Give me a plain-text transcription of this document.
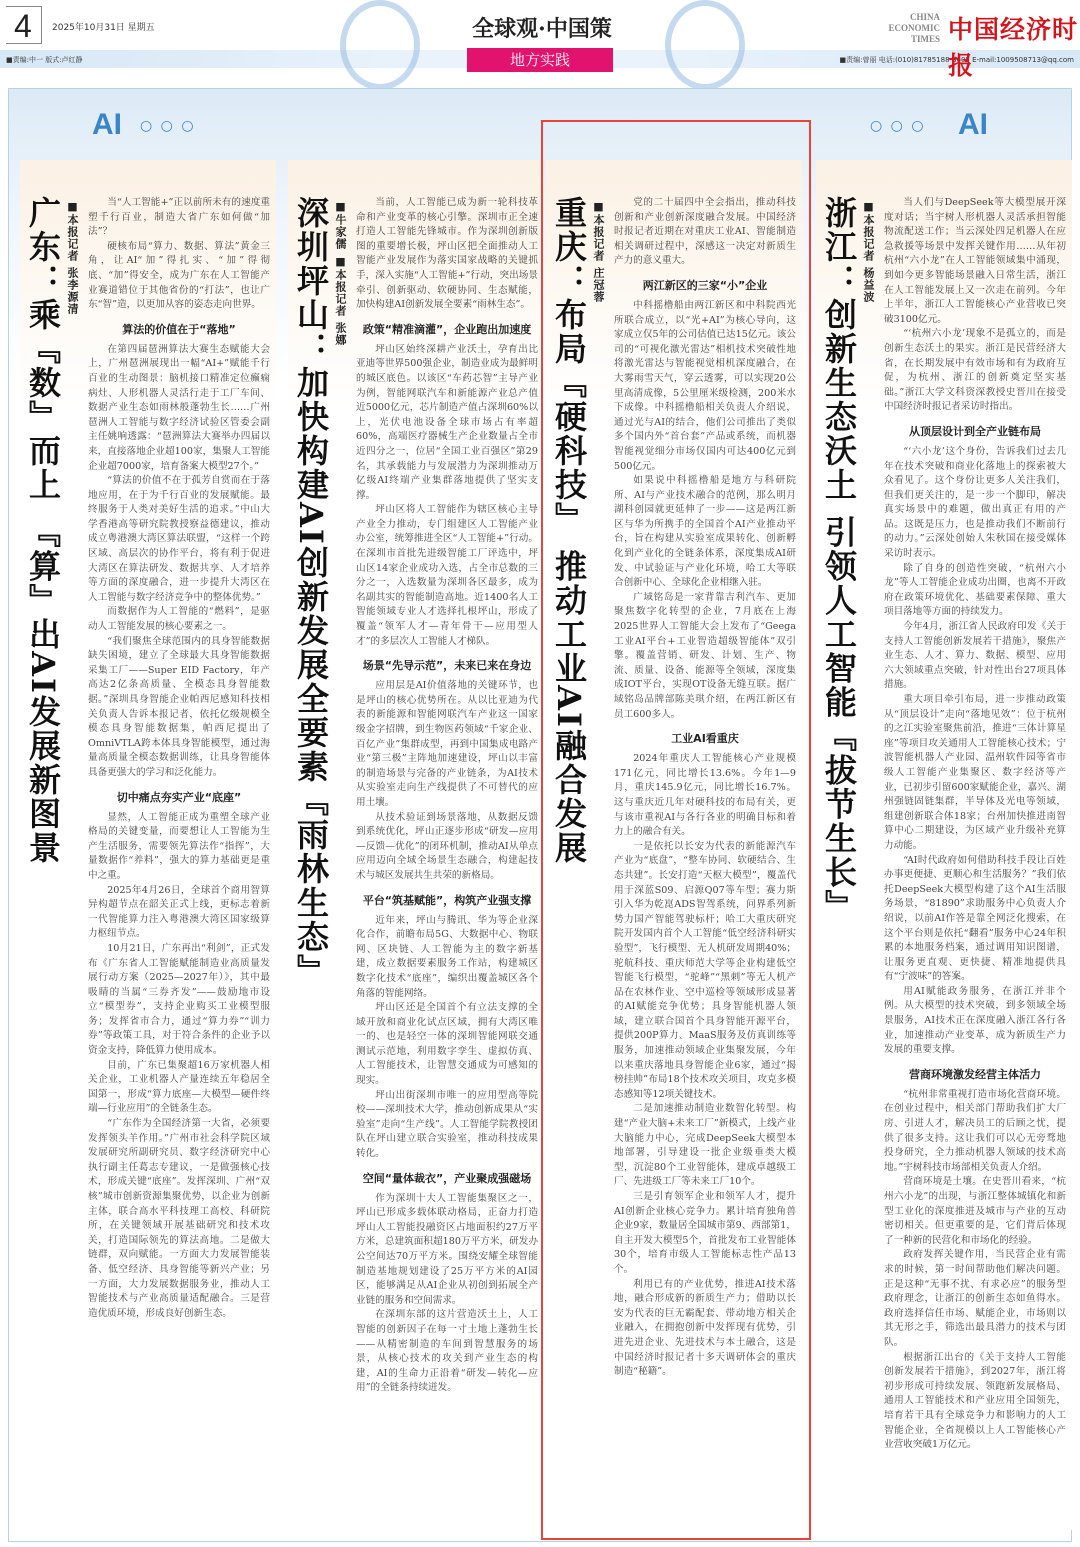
4	2025年10月31日 星期五
■责编:中一 版式:卢红静	■责编:曾丽 电话:(010)81785188-8605 E-mail:1009508713@qq.com
全球观·中国策
地方实践
CHINA ECONOMIC TIMES 中国经济时报
AI ○ ○ ○	○ ○ ○ AI
广东：乘『数』而上 『算』出AI发展新图景 ■本报记者 张李源清	当“人工智能+”正以前所未有的速度重塑千行百业，制造大省广东如何做“加法”？

硬核布局“算力、数据、算法”黄金三角，让AI“加”得扎实、“加”得彻底、“加”得安全，成为广东在人工智能产业赛道错位于其他省份的“打法”，也让广东“智”造，以更加从容的姿态走向世界。

算法的价值在于“落地”

在第四届琶洲算法大赛生态赋能大会上，广州琶洲展现出一幅“AI+”赋能千行百业的生动图景：脑机接口精准定位癫痫病灶、人形机器人灵活行走于工厂车间、数据产业生态如雨林般蓬勃生长……广州琶洲人工智能与数字经济试验区管委会副主任姚响透露：“琶洲算法大赛举办四届以来，直接落地企业超100家，集聚人工智能企业超7000家，培育备案大模型27个。”

“算法的价值不在于孤芳自赏而在于落地应用，在于为千行百业的发展赋能。最终服务于人类对美好生活的追求。”中山大学香港高等研究院教授察益德建议，推动成立粤港澳大湾区算法联盟，“这样一个跨区域、高层次的协作平台，将有利于促进大湾区在算法研发、数据共享、人才培养等方面的深度融合，进一步提升大湾区在人工智能与数字经济竞争中的整体优势。”

而数据作为人工智能的“燃料”，是驱动人工智能发展的核心要素之一。

“我们聚焦全球范围内的具身智能数据缺失困境，建立了全球最大具身智能数据采集工厂——Super EID Factory，年产高达2亿条高质量、全模态具身智能数据。”深圳具身智能企业帕西尼感知科技相关负责人告诉本报记者，依托亿级规模全模态具身智能数据集，帕西尼提出了OmniVTLA跨本体具身智能模型，通过海量高质量全模态数据训练，让具身智能体具备更强大的学习和泛化能力。

切中痛点夯实产业“底座”

显然，人工智能正成为重塑全球产业格局的关键变量，而要想让人工智能为生产生活服务，需要领先算法作“指挥”，大量数据作“养料”，强大的算力基础更是重中之重。

2025年4月26日，全球首个商用智算异构超节点在韶关正式上线，更标志着新一代智能算力注入粤港澳大湾区国家级算力枢纽节点。

10月21日，广东再出“利剑”，正式发布《广东省人工智能赋能制造业高质量发展行动方案（2025—2027年）》，其中最吸睛的当属“三券齐发”——鼓励地市设立“模型券”，支持企业购买工业模型服务；发挥省市合力，通过“算力券”“训力券”等政策工具，对于符合条件的企业予以资金支持，降低算力使用成本。

目前，广东已集聚超16万家机器人相关企业，工业机器人产量连续五年稳居全国第一，形成“算力底座—大模型—硬件终端—行业应用”的全链条生态。

“广东作为全国经济第一大省，必须要发挥领头羊作用。”广州市社会科学院区域发展研究所副研究员、数字经济研究中心执行副主任葛志专建议，一是做强核心技术，形成关键“底座”。发挥深圳、广州“双核”城市创新资源集聚优势，以企业为创新主体，联合高水平科技理工高校、科研院所，在关键领域开展基础研究和技术攻关，打造国际领先的算法高地。二是做大链群，双向赋能。一方面大力发展智能装备、低空经济、具身智能等新兴产业；另一方面，大力发展数据服务业，推动人工智能技术与产业高质量适配融合。三是营造优质环境，形成良好创新生态。

深圳坪山：加快构建AI创新发展全要素『雨林生态』 ■牛家儒 ■本报记者 张娜	当前，人工智能已成为新一轮科技革命和产业变革的核心引擎。深圳市正全速打造人工智能先锋城市。作为深圳创新版图的重要增长极，坪山区把全面推动人工智能产业发展作为落实国家战略的关键抓手，深入实施“人工智能+”行动，突出场景牵引、创新驱动、软硬协同、生态赋能，加快构建AI创新发展全要素“雨林生态”。

政策“精准滴灌”，企业跑出加速度

坪山区始终深耕产业沃土，孕育出比亚迪等世界500强企业，制造业成为最鲜明的城区底色。以该区“车药芯智”主导产业为例，智能网联汽车和新能源产业总产值近5000亿元，芯片制造产值占深圳60%以上，光伏电池设备全球市场占有率超60%，高端医疗器械生产企业数量占全市近四分之一，位居“全国工业百强区”第29名，其承载能力与发展潜力为深圳推动万亿级AI终端产业集群落地提供了坚实支撑。

坪山区将人工智能作为辖区核心主导产业全力推动，专门组建区人工智能产业办公室，统筹推进全区“人工智能+”行动。在深圳市首批先进级智能工厂评选中，坪山区14家企业成功入选，占全市总数的三分之一，入选数量为深圳各区最多，成为名副其实的智能制造高地。近1400名人工智能领域专业人才选择扎根坪山，形成了覆盖“领军人才—青年骨干—应用型人才”的多层次人工智能人才梯队。

场景“先导示范”，未来已来在身边

应用层是AI价值落地的关键环节，也是坪山的核心优势所在。从以比亚迪为代表的新能源和智能网联汽车产业这一国家级金字招牌，到生物医药领域“千家企业、百亿产业”集群成型，再到中国集成电路产业“第三极”主阵地加速建设，坪山以丰富的制造场景与完备的产业链条，为AI技术从实验室走向生产线提供了不可替代的应用土壤。

从技术验证到场景落地，从数据反馈到系统优化，坪山正逐步形成“研发—应用—反馈—优化”的闭环机制，推动AI从单点应用迈向全域全场景生态融合，构建起技术与城区发展共生共荣的新格局。

平台“筑基赋能”，构筑产业强支撑

近年来，坪山与腾讯、华为等企业深化合作，前瞻布局5G、大数据中心、物联网、区块链、人工智能为主的数字新基建，成立数据要素服务工作站，构建城区数字化技术“底座”，编织出覆盖城区各个角落的智能网络。

坪山区还是全国首个有立法支撑的全域开放和商业化试点区域，拥有大湾区唯一的、也是轻空一体的深圳智能网联交通测试示范地，利用数字孪生、虚拟仿真、人工智能技术，让智慧交通成为可感知的现实。

坪山出街深圳市唯一的应用型高等院校——深圳技术大学，推动创新成果从“实验室”走向“生产线”。人工智能学院教授团队在坪山建立联合实验室，推动科技成果转化。

空间“量体裁衣”，产业聚成强磁场

作为深圳十大人工智能集聚区之一，坪山已形成多载体联动格局，正奋力打造坪山人工智能投融资区占地面积约27万平方米，总建筑面积超180万平方米，研发办公空间达70万平方米。围绕安耀全球智能制造基地规划建设了25万平方米的AI园区，能够满足从AI企业从初创到拓展全产业链的服务和空间需求。

在深圳东部的这片营造沃土上，人工智能的创新因子在每一寸土地上蓬勃生长——从精密制造的车间到智慧服务的场景，从核心技术的攻关到产业生态的构建，AI的生命力正沿着“研发—转化—应用”的全链条持续迸发。

重庆：布局『硬科技』 推动工业AI融合发展 ■本报记者 庄冠蓉	党的二十届四中全会指出，推动科技创新和产业创新深度融合发展。中国经济时报记者近期在对重庆工业AI、智能制造相关调研过程中，深感这一决定对新质生产力的意义重大。

两江新区的三家“小”企业

中科摇橹船由两江新区和中科院西光所联合成立，以“光+AI”为核心导向，这家成立仅5年的公司估值已达15亿元。该公司的“可视化激光雷达”相机技术突破性地将激光雷达与智能视觉相机深度融合，在大雾雨雪天气，穿云透雾，可以实现20公里高清成像，5公里厘米级检测，200米水下成像。中科摇橹船相关负责人介绍说，通过光与AI的结合，他们公司推出了类似多个国内外“首台套”产品或系统，而机器智能视觉细分市场仅国内可达400亿元到500亿元。

如果说中科摇橹船是地方与科研院所、AI与产业技术融合的范例，那么明月湖科创园就更延伸了一步——这是两江新区与华为所携手的全国首个AI产业推动平台，旨在构建从实验室成果转化、创新孵化到产业化的全链条体系，深度集成AI研发、中试验证与产业化环境，哈工大等联合创新中心、全球化企业相继入驻。

广域铭岛是一家背靠吉利汽车、更加聚焦数字化转型的企业，7月底在上海2025世界人工智能大会上发布了“Geega工业AI平台+工业智造超级智能体”双引擎。覆盖营销、研发、计划、生产、物流、质量、设备、能源等全领域，深度集成IOT平台，实现OT设备无缝互联。据广域铭岛品牌部陈美琪介绍，在两江新区有员工600多人。

工业AI看重庆

2024年重庆人工智能核心产业规模171亿元，同比增长13.6%。今年1—9月，重庆145.9亿元，同比增长16.7%。这与重庆近几年对硬科技的布局有关，更与该市重视AI与各行各业的明确目标和着力上的融合有关。

一是依托以长安为代表的新能源汽车产业为“底盘”，“整车协同、软硬结合、生态共建”。长安打造“天枢大模型”，覆盖代用于深蓝S09、启源Q07等车型；赛力斯引入华为乾崑ADS智驾系统，问界系列新势力国产智能驾驶标杆；哈工大重庆研究院开发国内首个人工智能“低空经济科研实验型”，飞行模型、无人机研发周期40%；驼航科技、重庆师范大学等企业构建低空智能飞行模型，“驼峰”“黑刺”等无人机产品在农林作业、空中巡检等领域形成显著的AI赋能竞争优势；具身智能机器人领域，建立联合国首个具身智能开源平台，提供200P算力、MaaS服务及仿真训练等服务，加速推动领域企业集聚发展，今年以来重庆落地具身智能企业6家，通过“揭榜挂帅”布局18个技术攻关项目，攻克多模态感知等12项关键技术。

二是加速推动制造业数智化转型。构建“产业大脑+未来工厂”新模式，上线产业大脑能力中心，完成DeepSeek大模型本地部署，引导建设一批企业级垂类大模型，沉淀80个工业智能体，建成卓越级工厂、先进级工厂等未来工厂10个。

三是引育领军企业和领军人才，提升AI创新企业核心竞争力。累计培育独角兽企业9家，数量居全国城市第9、西部第1，自主开发大模型5个，首批发布工业智能体30个，培育市级人工智能标志性产品13个。

利用已有的产业优势，推进AI技术落地，融合形成新的新质生产力；借助以长安为代表的巨无霸配套、带动地方相关企业融入，在拥抱创新中发挥现有优势，引进先进企业、先进技术与本土融合，这是中国经济时报记者十多天调研体会的重庆制造“秘籍”。

浙江：创新生态沃土 引领人工智能『拔节生长』 ■本报记者 杨益波	当人们与DeepSeek等大模型展开深度对话；当宇树人形机器人灵活承担智能物流配送工作；当云深处四足机器人在应急救援等场景中发挥关键作用……从年初杭州“六小龙”在人工智能领域集中涌现，到如今更多智能场景融入日常生活，浙江在人工智能发展上又一次走在前列。今年上半年，浙江人工智能核心产业营收已突破3100亿元。

“‘杭州六小龙’现象不是孤立的，而是创新生态沃土的果实。浙江是民营经济大省，在长期发展中有效市场和有为政府互促，为杭州、浙江的创新奠定坚实基础。”浙江大学文科资深教授史晋川在接受中国经济时报记者采访时指出。

从顶层设计到全产业链布局

“‘六小龙’这个身份，告诉我们过去几年在技术突破和商业化落地上的探索被大众看见了。这个身份让更多人关注我们，但我们更关注的，是一步一个脚印，解决真实场景中的难题，做出真正有用的产品。这既是压力，也是推动我们不断前行的动力。”云深处创始人朱秋国在接受媒体采访时表示。

除了自身的创造性突破，“杭州六小龙”等人工智能企业成功出圈，也离不开政府在政策环境优化、基础要素保障、重大项目落地等方面的持续发力。

今年4月，浙江省人民政府印发《关于支持人工智能创新发展若干措施》，聚焦产业生态、人才、算力、数据、模型、应用六大领域重点突破，针对性出台27项具体措施。

重大项目牵引布局，进一步推动政策从“顶层设计”走向“落地见效”：位于杭州的之江实验室聚焦前沿，推进“三体计算星座”等项目攻关通用人工智能核心技术；宁波智能机器人产业园、温州软件园等省市级人工智能产业集聚区、数字经济等产业，已初步引留600家赋能企业，嘉兴、湖州强链固链集群，半导体及光电等领域，组建创新联合体18家；台州加快推进南智算中心二期建设，为区域产业升级补充算力动能。

“AI时代政府如何借助科技手段让百姓办事更便捷、更顺心和生活服务？”我们依托DeepSeek大模型构建了这个AI生活服务场景，“81890”求助服务中心负责人介绍说，以前AI作答是靠全网泛化搜索，在这个平台则是依托“翻看”服务中心24年积累的本地服务档案，通过调用知识图谱，让服务更直观、更快捷、精准地提供具有“宁波味”的答案。

用AI赋能政务服务，在浙江并非个例。从大模型的技术突破，到多领域全场景服务，AI技术正在深度融入浙江各行各业，加速推动产业变革，成为新质生产力发展的重要支撑。

营商环境激发经营主体活力

“杭州非常重视打造市场化营商环境。在创业过程中，相关部门帮助我们扩大厂房、引进人才，解决员工的后顾之忧，提供了很多支持。这让我们可以心无旁骛地投身研究，全力推动机器人领域的技术高地。”宇树科技市场部相关负责人介绍。

营商环境是土壤。在史晋川看来，“杭州六小龙”的出现，与浙江整体城镇化和新型工业化的深度推进及城市与产业的互动密切相关。但更重要的是，它们背后体现了一种新的民营化和市场化的经验。

政府发挥关键作用，当民营企业有需求的时候，第一时间帮助他们解决问题。正是这种“无事不扰、有求必应”的服务型政府理念，让浙江的创新生态如鱼得水。政府选择信任市场、赋能企业，市场则以其无形之手，筛选出最具潜力的技术与团队。

根据浙江出台的《关于支持人工智能创新发展若干措施》，到2027年，浙江将初步形成可持续发展、领跑新发展格局、通用人工智能技术和产业应用全国领先，培育若干具有全球竞争力和影响力的人工智能企业，全省规模以上人工智能核心产业营收突破1万亿元。
